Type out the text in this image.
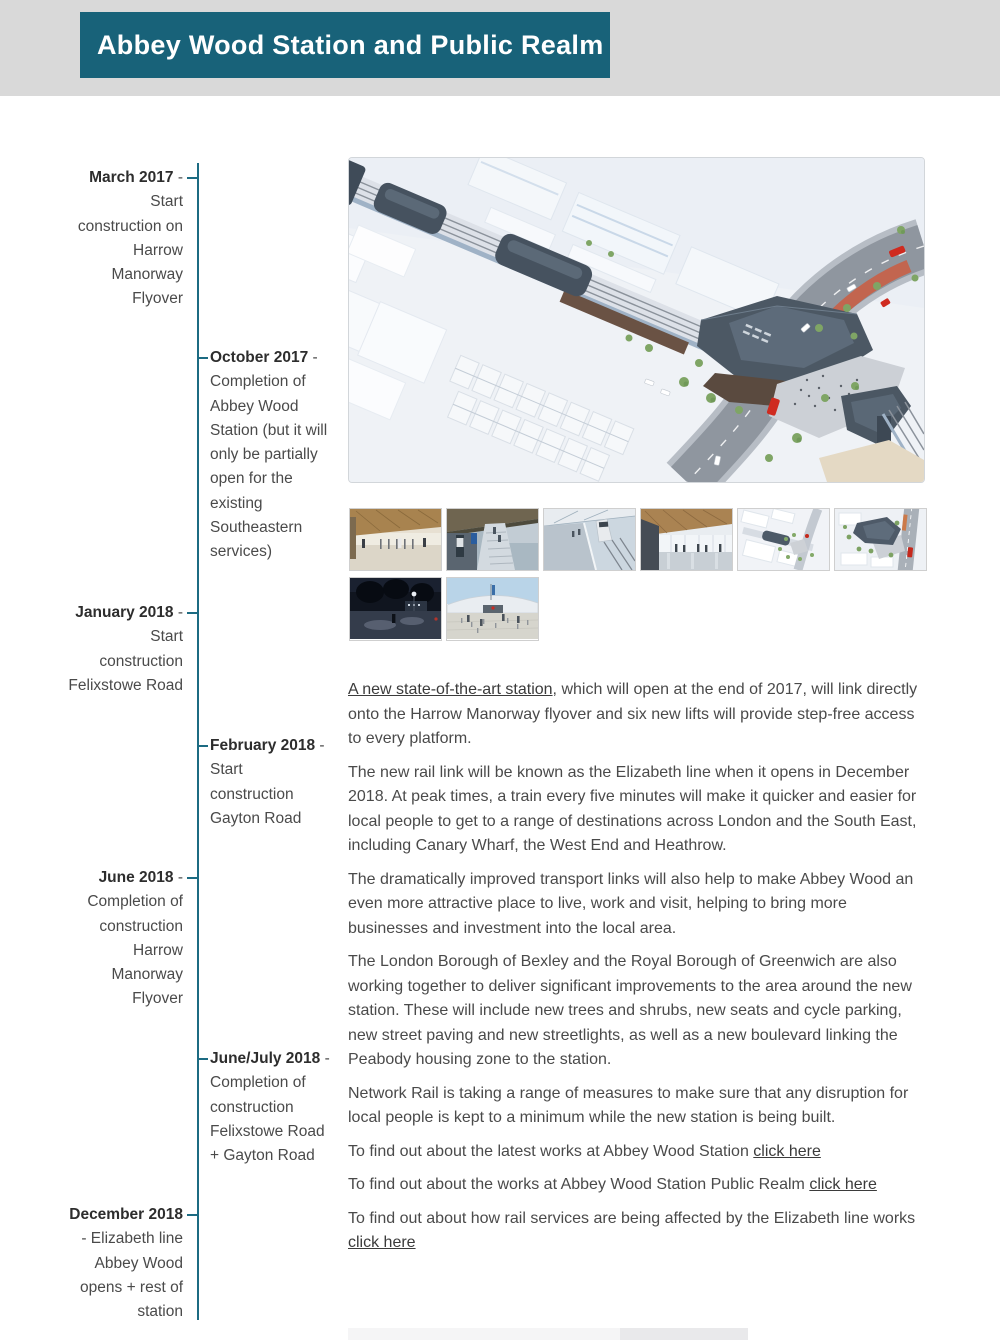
Abbey Wood Station and Public Realm
March 2017 -
Start
construction on
Harrow
Manorway
Flyover
October 2017 -
Completion of
Abbey Wood
Station (but it will
only be partially
open for the
existing
Southeastern
services)
January 2018 -
Start
construction
Felixstowe Road
February 2018 -
Start
construction
Gayton Road
June 2018 -
Completion of
construction
Harrow
Manorway
Flyover
June/July 2018 -
Completion of
construction
Felixstowe Road
+ Gayton Road
December 2018
- Elizabeth line
Abbey Wood
opens + rest of
station

A new state-of-the-art station, which will open at the end of 2017, will link directly onto the Harrow Manorway flyover and six new lifts will provide step-free access to every platform.

The new rail link will be known as the Elizabeth line when it opens in December 2018. At peak times, a train every five minutes will make it quicker and easier for local people to get to a range of destinations across London and the South East, including Canary Wharf, the West End and Heathrow.

The dramatically improved transport links will also help to make Abbey Wood an even more attractive place to live, work and visit, helping to bring more businesses and investment into the local area.

The London Borough of Bexley and the Royal Borough of Greenwich are also working together to deliver significant improvements to the area around the new station. These will include new trees and shrubs, new seats and cycle parking, new street paving and new streetlights, as well as a new boulevard linking the Peabody housing zone to the station.

Network Rail is taking a range of measures to make sure that any disruption for local people is kept to a minimum while the new station is being built.

To find out about the latest works at Abbey Wood Station click here

To find out about the works at Abbey Wood Station Public Realm click here

To find out about how rail services are being affected by the Elizabeth line works click here
